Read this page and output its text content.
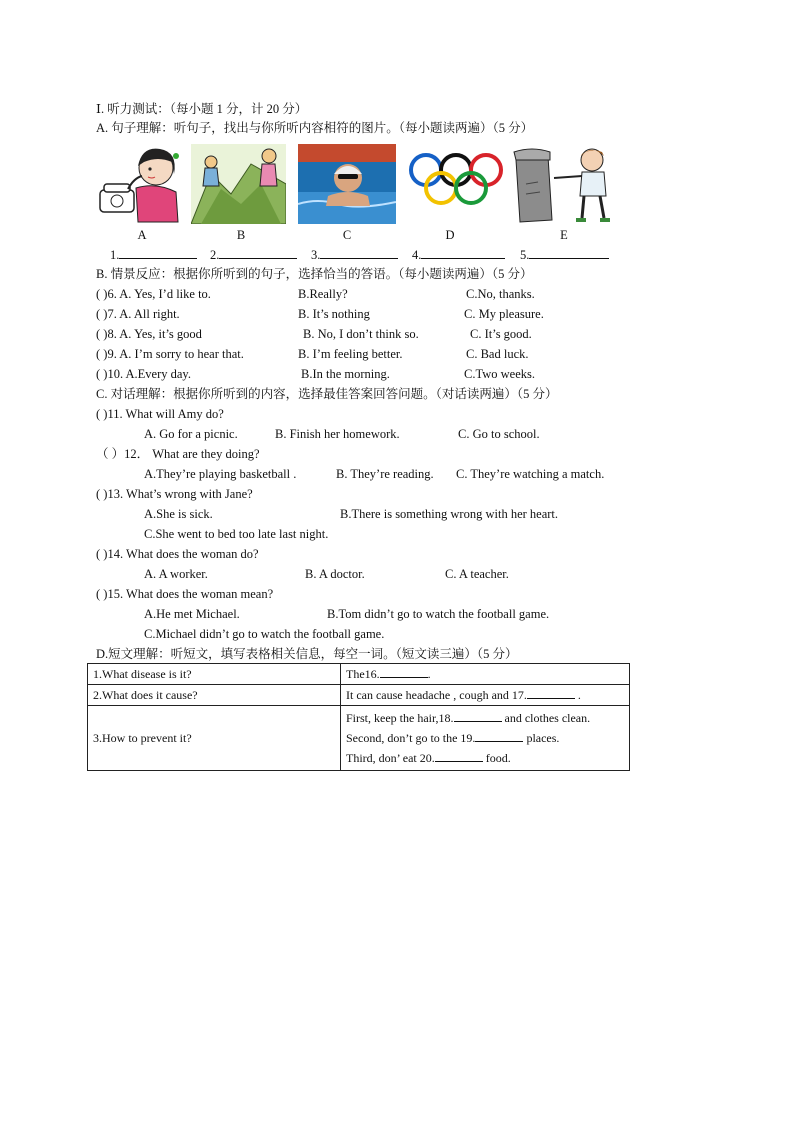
Ⅰ. 听力测试：（每小题 1 分，计 20 分）
A. 句子理解：听句子，找出与你所听内容相符的图片。（每小题读两遍）（5 分）
A	B	C	D	E
1.	2.	3.	4.	5.
B. 情景反应：根据你所听到的句子，选择恰当的答语。（每小题读两遍）（5 分）
( )6. A. Yes, I’d like to.	B.Really?	C.No, thanks.
( )7. A. All right.	B. It’s nothing	C. My pleasure.
( )8. A. Yes, it’s good	B. No, I don’t think so.	C. It’s good.
( )9. A. I’m sorry to hear that.	B. I’m feeling better.	C. Bad luck.
( )10. A.Every day.	B.In the morning.	C.Two weeks.
C. 对话理解：根据你所听到的内容，选择最佳答案回答问题。（对话读两遍）（5 分）
( )11. What will Amy do?
A. Go for a picnic.	B. Finish her homework.	C. Go to school.
（ ）12． What are they doing?
A.They’re playing basketball .	B. They’re reading. C. They’re watching a match.
( )13. What’s wrong with Jane?
A.She is sick.	B.There is something wrong with her heart.
C.She went to bed too late last night.
( )14. What does the woman do?
A. A worker.	B. A doctor.	C. A teacher.
( )15. What does the woman mean?
A.He met Michael.	B.Tom didn’t go to watch the football game.
C.Michael didn’t go to watch the football game.
D.短文理解：听短文，填写表格相关信息，每空一词。（短文读三遍）（5 分）
1.What disease is it?	The16. .
2.What does it cause?	It can cause headache , cough and 17. .
3.How to prevent it?	First, keep the hair,18. and clothes clean.
Second, don’t go to the 19. places.
Third, don’ eat 20. food.
